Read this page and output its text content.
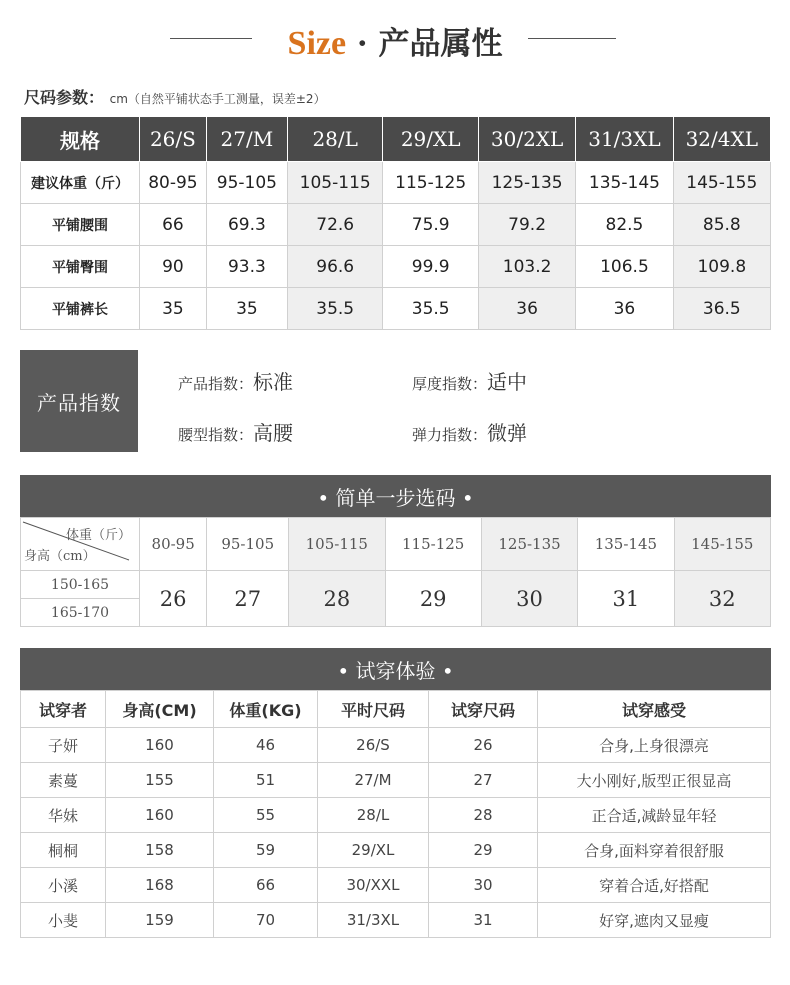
Size · 产品属性
尺码参数： cm（自然平铺状态手工测量，误差±2）
规格	26/S	27/M	28/L	29/XL	30/2XL	31/3XL	32/4XL
建议体重（斤）	80-95	95-105	105-115	115-125	125-135	135-145	145-155
平铺腰围	66	69.3	72.6	75.9	79.2	82.5	85.8
平铺臀围	90	93.3	96.6	99.9	103.2	106.5	109.8
平铺裤长	35	35	35.5	35.5	36	36	36.5
产品指数
产品指数：标准	厚度指数：适中
腰型指数：高腰	弹力指数：微弹
• 简单一步选码 •
体重（斤）
身高（cm）	80-95	95-105	105-115	115-125	125-135	135-145	145-155
150-165	26	27	28	29	30	31	32
165-170							
• 试穿体验 •
试穿者	身高(CM)	体重(KG)	平时尺码	试穿尺码	试穿感受
子妍	160	46	26/S	26	合身,上身很漂亮
素蔓	155	51	27/M	27	大小刚好,版型正很显高
华妹	160	55	28/L	28	正合适,减龄显年轻
桐桐	158	59	29/XL	29	合身,面料穿着很舒服
小溪	168	66	30/XXL	30	穿着合适,好搭配
小斐	159	70	31/3XL	31	好穿,遮肉又显瘦
